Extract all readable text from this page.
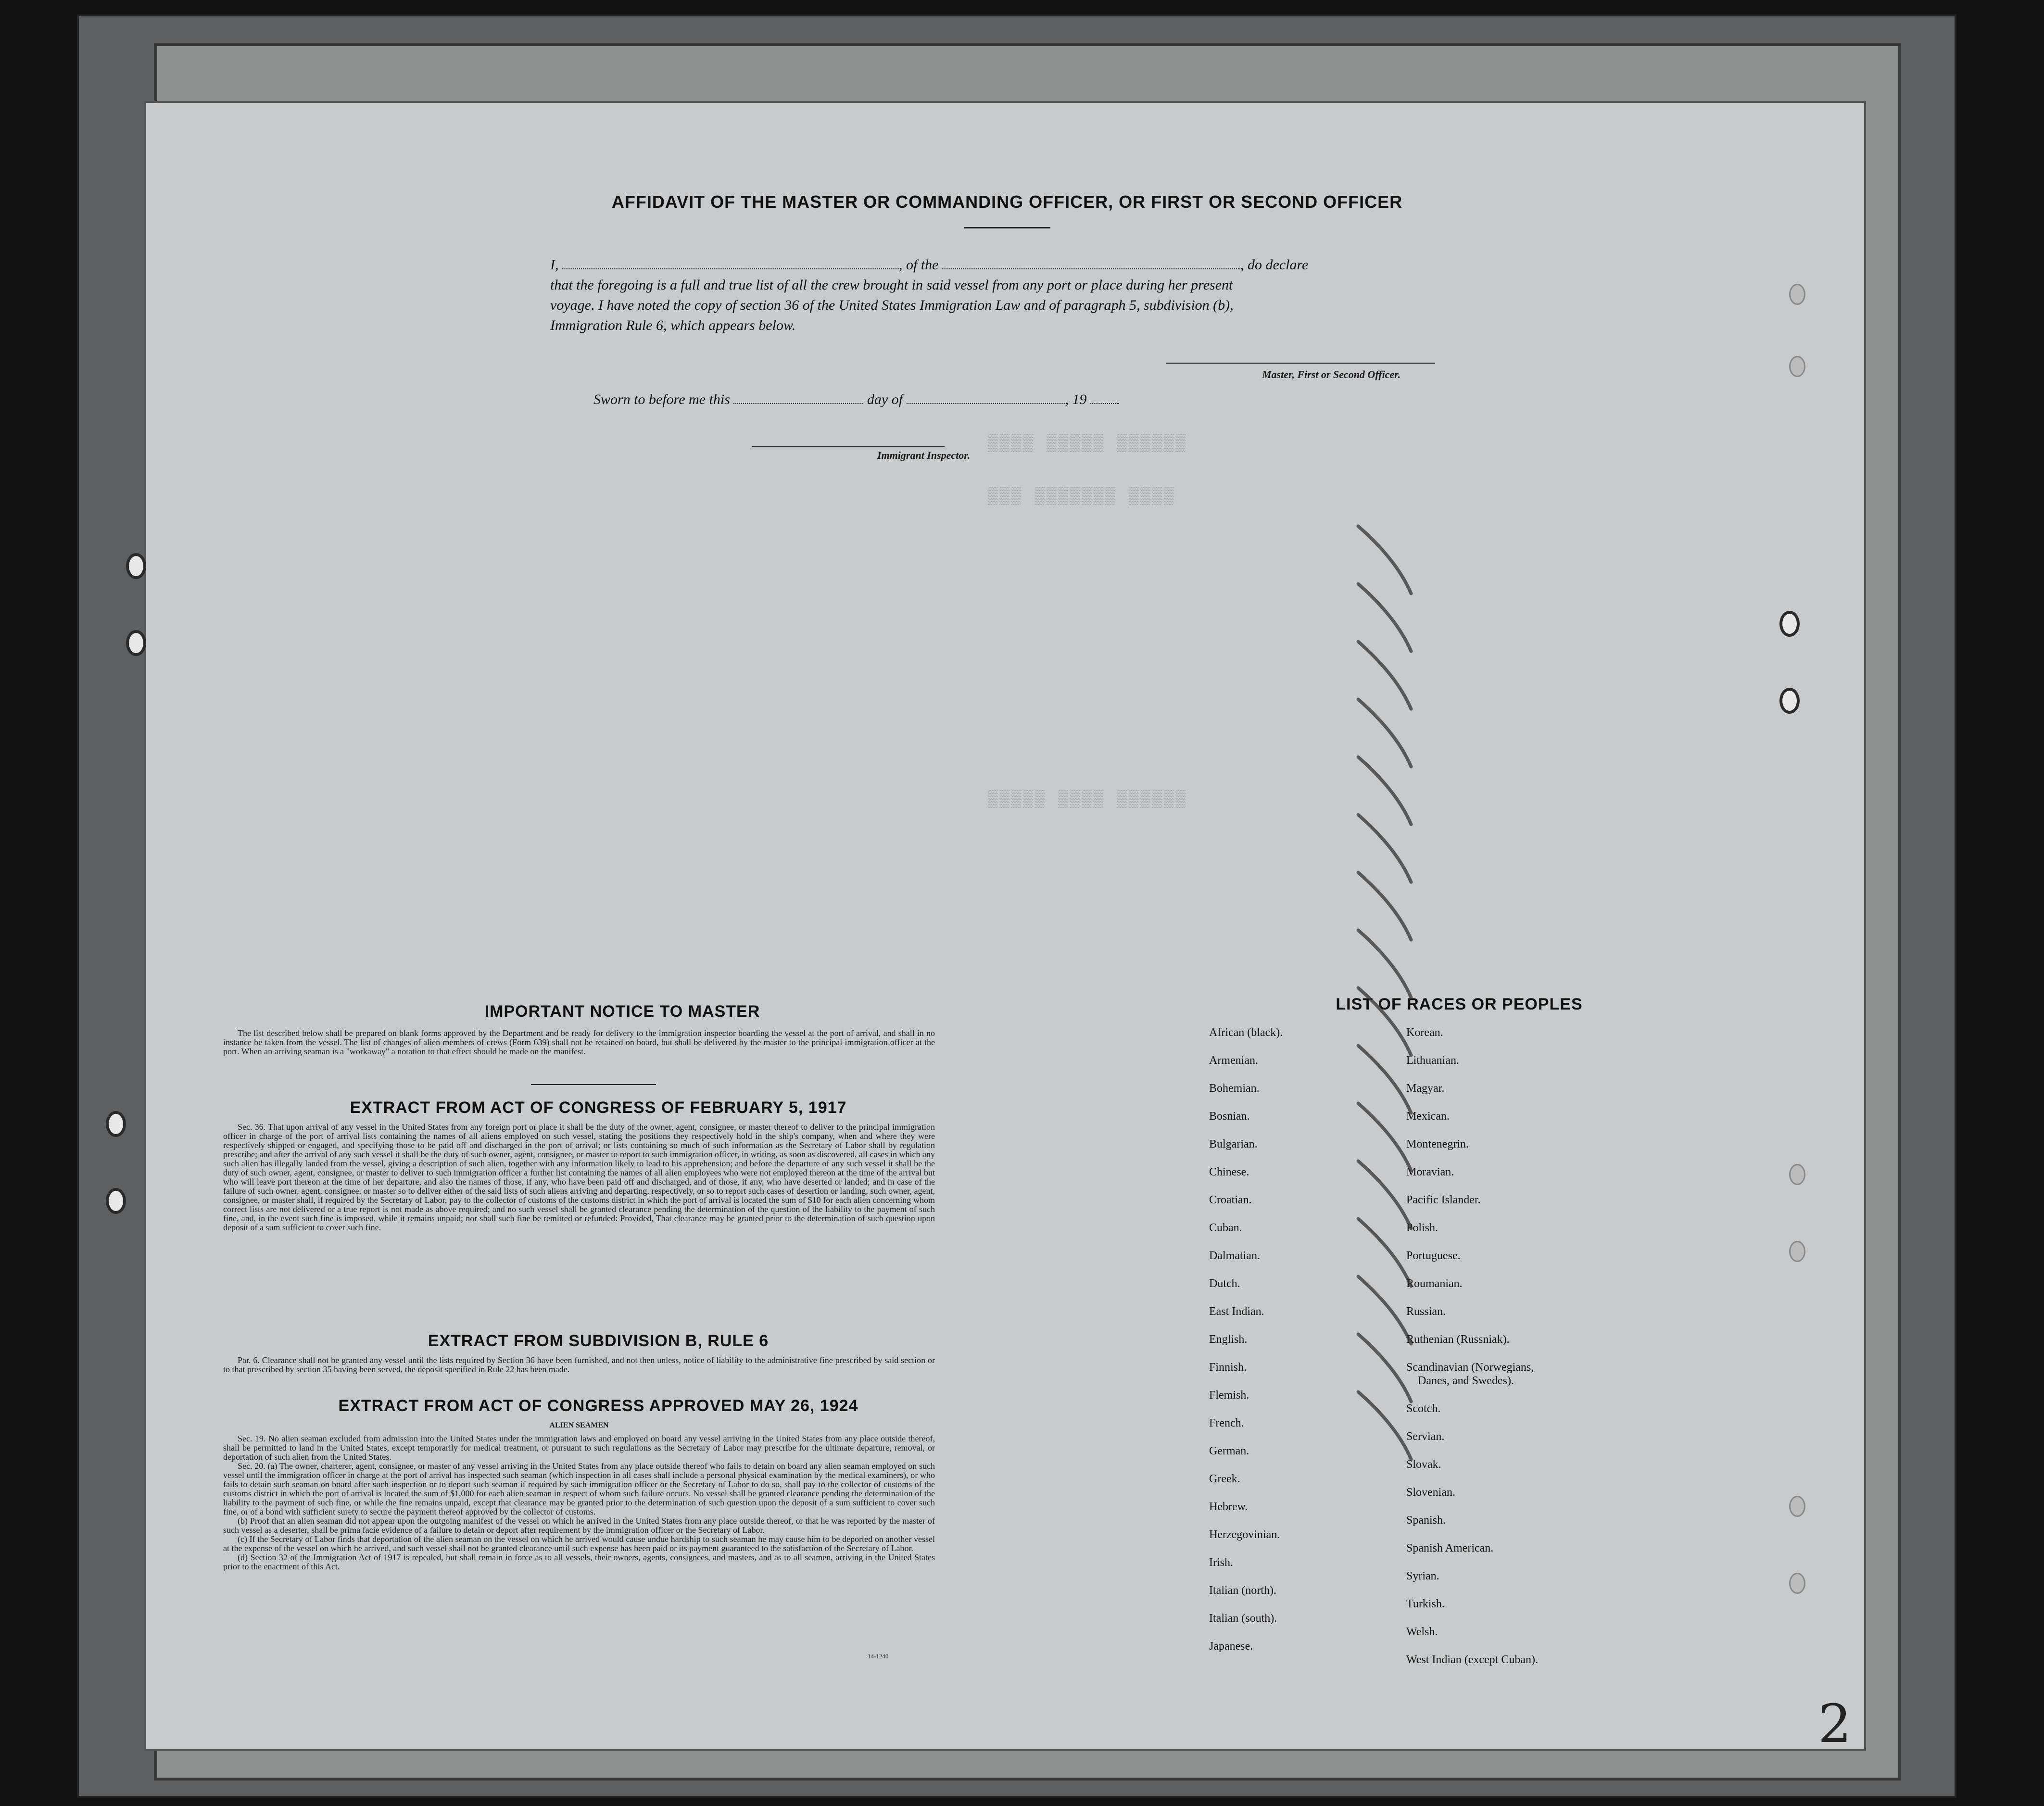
▒▒▒▒ ▒▒▒▒▒ ▒▒▒▒▒▒
▒▒▒ ▒▒▒▒▒▒▒ ▒▒▒▒
▒▒▒▒▒ ▒▒▒▒ ▒▒▒▒▒▒
AFFIDAVIT OF THE MASTER OR COMMANDING OFFICER, OR FIRST OR SECOND OFFICER
I,	, of the	, do declare
that the foregoing is a full and true list of all the crew brought in said vessel from any port or place during her present
voyage. I have noted the copy of section 36 of the United States Immigration Law and of paragraph 5, subdivision (b),
Immigration Rule 6, which appears below.
Master, First or Second Officer.
Sworn to before me this	day of	, 19
Immigrant Inspector.
IMPORTANT NOTICE TO MASTER

The list described below shall be prepared on blank forms approved by the Department and be ready for delivery to the immigration inspector boarding the vessel at the port of arrival, and shall in no instance be taken from the vessel. The list of changes of alien members of crews (Form 639) shall not be retained on board, but shall be delivered by the master to the principal immigration officer at the port. When an arriving seaman is a "workaway" a notation to that effect should be made on the manifest.

EXTRACT FROM ACT OF CONGRESS OF FEBRUARY 5, 1917

Sec. 36. That upon arrival of any vessel in the United States from any foreign port or place it shall be the duty of the owner, agent, consignee, or master thereof to deliver to the principal immigration officer in charge of the port of arrival lists containing the names of all aliens employed on such vessel, stating the positions they respectively hold in the ship's company, when and where they were respectively shipped or engaged, and specifying those to be paid off and discharged in the port of arrival; or lists containing so much of such information as the Secretary of Labor shall by regulation prescribe; and after the arrival of any such vessel it shall be the duty of such owner, agent, consignee, or master to report to such immigration officer, in writing, as soon as discovered, all cases in which any such alien has illegally landed from the vessel, giving a description of such alien, together with any information likely to lead to his apprehension; and before the departure of any such vessel it shall be the duty of such owner, agent, consignee, or master to deliver to such immigration officer a further list containing the names of all alien employees who were not employed thereon at the time of the arrival but who will leave port thereon at the time of her departure, and also the names of those, if any, who have been paid off and discharged, and of those, if any, who have deserted or landed; and in case of the failure of such owner, agent, consignee, or master so to deliver either of the said lists of such aliens arriving and departing, respectively, or so to report such cases of desertion or landing, such owner, agent, consignee, or master shall, if required by the Secretary of Labor, pay to the collector of customs of the customs district in which the port of arrival is located the sum of $10 for each alien concerning whom correct lists are not delivered or a true report is not made as above required; and no such vessel shall be granted clearance pending the determination of the question of the liability to the payment of such fine, and, in the event such fine is imposed, while it remains unpaid; nor shall such fine be remitted or refunded: Provided, That clearance may be granted prior to the determination of such question upon deposit of a sum sufficient to cover such fine.

EXTRACT FROM SUBDIVISION B, RULE 6

Par. 6. Clearance shall not be granted any vessel until the lists required by Section 36 have been furnished, and not then unless, notice of liability to the administrative fine prescribed by said section or to that prescribed by section 35 having been served, the deposit specified in Rule 22 has been made.

EXTRACT FROM ACT OF CONGRESS APPROVED MAY 26, 1924
ALIEN SEAMEN

Sec. 19. No alien seaman excluded from admission into the United States under the immigration laws and employed on board any vessel arriving in the United States from any place outside thereof, shall be permitted to land in the United States, except temporarily for medical treatment, or pursuant to such regulations as the Secretary of Labor may prescribe for the ultimate departure, removal, or deportation of such alien from the United States.

Sec. 20. (a) The owner, charterer, agent, consignee, or master of any vessel arriving in the United States from any place outside thereof who fails to detain on board any alien seaman employed on such vessel until the immigration officer in charge at the port of arrival has inspected such seaman (which inspection in all cases shall include a personal physical examination by the medical examiners), or who fails to detain such seaman on board after such inspection or to deport such seaman if required by such immigration officer or the Secretary of Labor to do so, shall pay to the collector of customs of the customs district in which the port of arrival is located the sum of $1,000 for each alien seaman in respect of whom such failure occurs. No vessel shall be granted clearance pending the determination of the liability to the payment of such fine, or while the fine remains unpaid, except that clearance may be granted prior to the determination of such question upon the deposit of a sum sufficient to cover such fine, or of a bond with sufficient surety to secure the payment thereof approved by the collector of customs.

(b) Proof that an alien seaman did not appear upon the outgoing manifest of the vessel on which he arrived in the United States from any place outside thereof, or that he was reported by the master of such vessel as a deserter, shall be prima facie evidence of a failure to detain or deport after requirement by the immigration officer or the Secretary of Labor.

(c) If the Secretary of Labor finds that deportation of the alien seaman on the vessel on which he arrived would cause undue hardship to such seaman he may cause him to be deported on another vessel at the expense of the vessel on which he arrived, and such vessel shall not be granted clearance until such expense has been paid or its payment guaranteed to the satisfaction of the Secretary of Labor.

(d) Section 32 of the Immigration Act of 1917 is repealed, but shall remain in force as to all vessels, their owners, agents, consignees, and masters, and as to all seamen, arriving in the United States prior to the enactment of this Act.

14-1240
LIST OF RACES OR PEOPLES
African (black).
Armenian.
Bohemian.
Bosnian.
Bulgarian.
Chinese.
Croatian.
Cuban.
Dalmatian.
Dutch.
East Indian.
English.
Finnish.
Flemish.
French.
German.
Greek.
Hebrew.
Herzegovinian.
Irish.
Italian (north).
Italian (south).
Japanese.
Korean.
Lithuanian.
Magyar.
Mexican.
Montenegrin.
Moravian.
Pacific Islander.
Polish.
Portuguese.
Roumanian.
Russian.
Ruthenian (Russniak).
Scandinavian (Norwegians,
Danes, and Swedes).
Scotch.
Servian.
Slovak.
Slovenian.
Spanish.
Spanish American.
Syrian.
Turkish.
Welsh.
West Indian (except Cuban).
2
